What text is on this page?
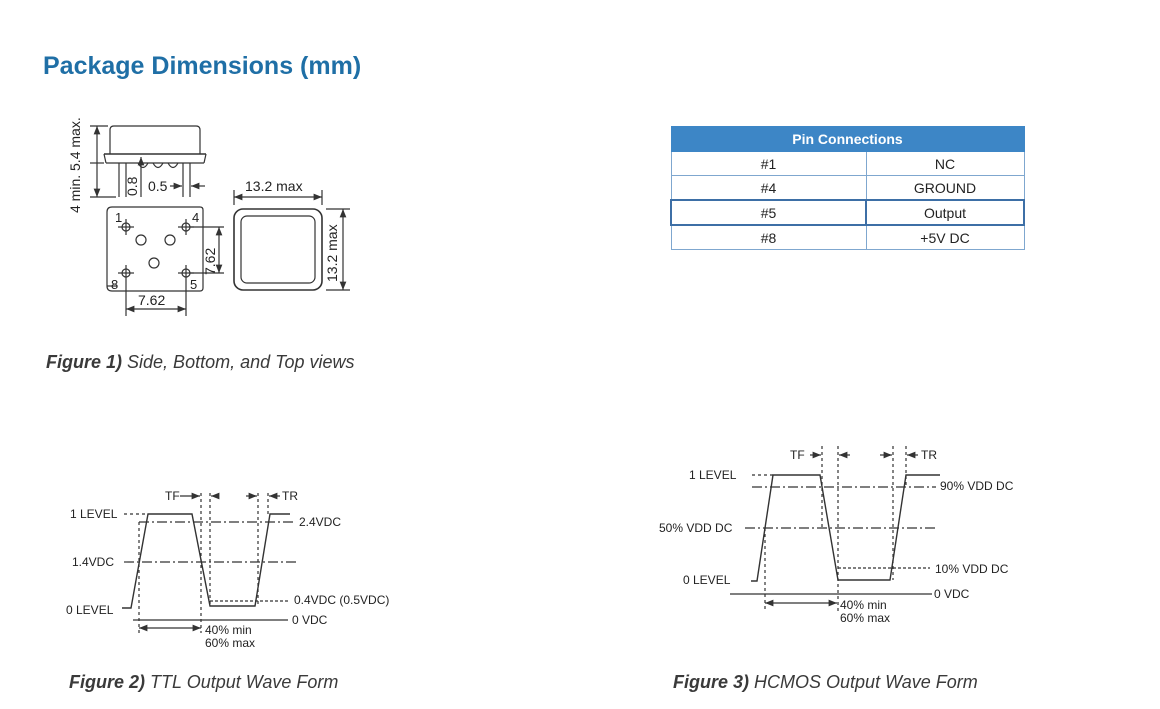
Package Dimensions (mm)
4 min. 5.4 max.	0.8 0.5
1	4
8	5
7.62
7.62
13.2 max
13.2 max
TF	TR
1 LEVEL
1.4VDC
0 LEVEL
2.4VDC
0.4VDC (0.5VDC)
0 VDC
40% min
60% max
TF	TR
1 LEVEL
50% VDD DC
0 LEVEL
90% VDD DC
10% VDD DC
0 VDC
40% min
60% max
Pin Connections	
#1	NC
#4	GROUND
#5	Output
#8	+5V DC
Figure 1) Side, Bottom, and Top views
Figure 2) TTL Output Wave Form	Figure 3) HCMOS Output Wave Form
